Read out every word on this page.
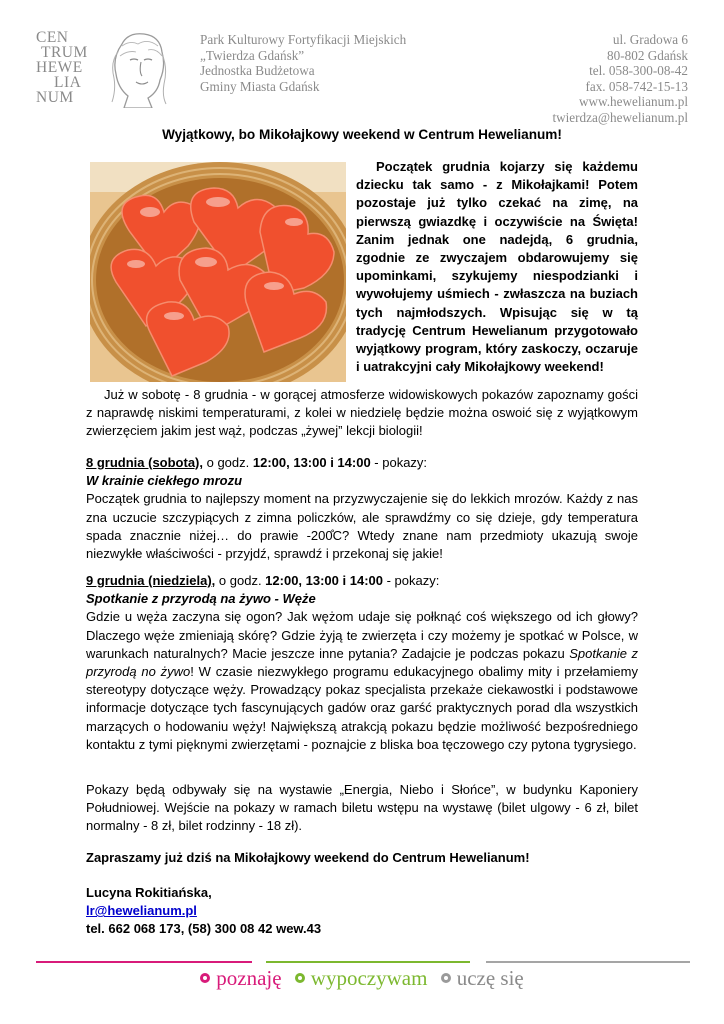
CEN
TRUM
HEWE
LIA
NUM
Park Kulturowy Fortyfikacji Miejskich
„Twierdza Gdańsk”
Jednostka Budżetowa
Gminy Miasta Gdańsk
ul. Gradowa 6
80-802 Gdańsk
tel. 058-300-08-42
fax. 058-742-15-13
www.hewelianum.pl
twierdza@hewelianum.pl
Wyjątkowy, bo Mikołajkowy weekend w Centrum Hewelianum!

Początek grudnia kojarzy się każdemu dziecku tak samo - z Mikołajkami! Potem pozostaje już tylko czekać na zimę, na pierwszą gwiazdkę i oczywiście na Święta! Zanim jednak one nadejdą, 6 grudnia, zgodnie ze zwyczajem obdarowujemy się upominkami, szykujemy niespodzianki i wywołujemy uśmiech - zwłaszcza na buziach tych najmłodszych. Wpisując się w tą tradycję Centrum Hewelianum przygotowało wyjątkowy program, który zaskoczy, oczaruje i uatrakcyjni cały Mikołajkowy weekend!

Już w sobotę - 8 grudnia - w gorącej atmosferze widowiskowych pokazów zapoznamy gości z naprawdę niskimi temperaturami, z kolei w niedzielę będzie można oswoić się z wyjątkowym zwierzęciem jakim jest wąż, podczas „żywej” lekcji biologii!

8 grudnia (sobota), o godz. 12:00, 13:00 i 14:00 - pokazy:

W krainie ciekłego mrozu

Początek grudnia to najlepszy moment na przyzwyczajenie się do lekkich mrozów. Każdy z nas zna uczucie szczypiących z zimna policzków, ale sprawdźmy co się dzieje, gdy temperatura spada znacznie niżej… do prawie -200̊C? Wtedy znane nam przedmioty ukazują swoje niezwykłe właściwości - przyjdź, sprawdź i przekonaj się jakie!

9 grudnia (niedziela), o godz. 12:00, 13:00 i 14:00 - pokazy:

Spotkanie z przyrodą na żywo - Węże

Gdzie u węża zaczyna się ogon? Jak wężom udaje się połknąć coś większego od ich głowy? Dlaczego węże zmieniają skórę? Gdzie żyją te zwierzęta i czy możemy je spotkać w Polsce, w warunkach naturalnych? Macie jeszcze inne pytania? Zadajcie je podczas pokazu Spotkanie z przyrodą no żywo! W czasie niezwykłego programu edukacyjnego obalimy mity i przełamiemy stereotypy dotyczące węży. Prowadzący pokaz specjalista przekaże ciekawostki i podstawowe informacje dotyczące tych fascynujących gadów oraz garść praktycznych porad dla wszystkich marzących o hodowaniu węży! Największą atrakcją pokazu będzie możliwość bezpośredniego kontaktu z tymi pięknymi zwierzętami - poznajcie z bliska boa tęczowego czy pytona tygrysiego.

Pokazy będą odbywały się na wystawie „Energia, Niebo i Słońce”, w budynku Kaponiery Południowej. Wejście na pokazy w ramach biletu wstępu na wystawę (bilet ulgowy - 6 zł, bilet normalny - 8 zł, bilet rodzinny - 18 zł).

Zapraszamy już dziś na Mikołajkowy weekend do Centrum Hewelianum!

Lucyna Rokitiańska,

lr@hewelianum.pl

tel. 662 068 173, (58) 300 08 42 wew.43

poznaję wypoczywam uczę się
